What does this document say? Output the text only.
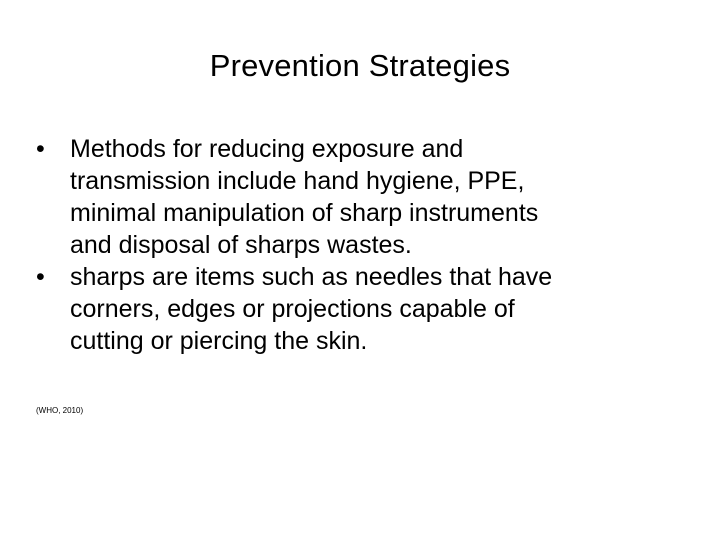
Prevention Strategies
•	Methods for reducing exposure and
transmission include hand hygiene, PPE,
minimal manipulation of sharp instruments
and disposal of sharps wastes.
•	sharps are items such as needles that have
corners, edges or projections capable of
cutting or piercing the skin.

(WHO, 2010)
